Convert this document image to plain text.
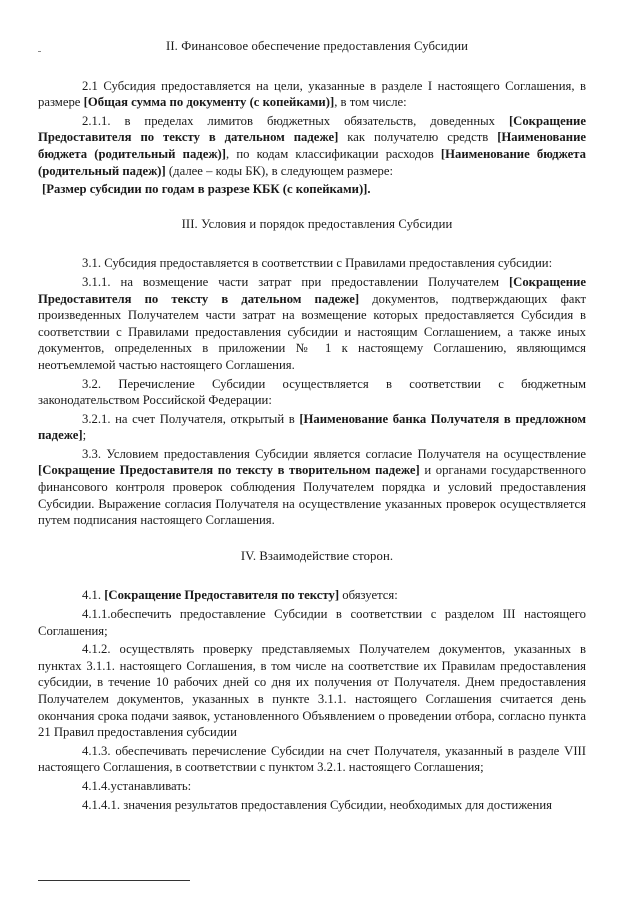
II. Финансовое обеспечение предоставления Субсидии
2.1 Субсидия предоставляется на цели, указанные в разделе I настоящего Соглашения, в размере [Общая сумма по документу (с копейками)], в том числе:
2.1.1. в пределах лимитов бюджетных обязательств, доведенных [Сокращение Предоставителя по тексту в дательном падеже] как получателю средств [Наименование бюджета (родительный падеж)], по кодам классификации расходов [Наименование бюджета (родительный падеж)] (далее – коды БК), в следующем размере:
[Размер субсидии по годам в разрезе КБК (с копейками)].
III. Условия и порядок предоставления Субсидии
3.1. Субсидия предоставляется в соответствии с Правилами предоставления субсидии:
3.1.1. на возмещение части затрат при предоставлении Получателем [Сокращение Предоставителя по тексту в дательном падеже] документов, подтверждающих факт произведенных Получателем части затрат на возмещение которых предоставляется Субсидия в соответствии с Правилами предоставления субсидии и настоящим Соглашением, а также иных документов, определенных в приложении № 1 к настоящему Соглашению, являющимся неотъемлемой частью настоящего Соглашения.
3.2. Перечисление Субсидии осуществляется в соответствии с бюджетным законодательством Российской Федерации:
3.2.1. на счет Получателя, открытый в [Наименование банка Получателя в предложном падеже];
3.3. Условием предоставления Субсидии является согласие Получателя на осуществление [Сокращение Предоставителя по тексту в творительном падеже] и органами государственного финансового контроля проверок соблюдения Получателем порядка и условий предоставления Субсидии. Выражение согласия Получателя на осуществление указанных проверок осуществляется путем подписания настоящего Соглашения.
IV. Взаимодействие сторон.
4.1. [Сокращение Предоставителя по тексту] обязуется:
4.1.1.обеспечить предоставление Субсидии в соответствии с разделом III настоящего Соглашения;
4.1.2. осуществлять проверку представляемых Получателем документов, указанных в пунктах 3.1.1. настоящего Соглашения, в том числе на соответствие их Правилам предоставления субсидии, в течение 10 рабочих дней со дня их получения от Получателя. Днем предоставления Получателем документов, указанных в пункте 3.1.1. настоящего Соглашения считается день окончания срока подачи заявок, установленного Объявлением о проведении отбора, согласно пункта 21 Правил предоставления субсидии
4.1.3. обеспечивать перечисление Субсидии на счет Получателя, указанный в разделе VIII настоящего Соглашения, в соответствии с пунктом 3.2.1. настоящего Соглашения;
4.1.4.устанавливать:
4.1.4.1. значения результатов предоставления Субсидии, необходимых для достижения
